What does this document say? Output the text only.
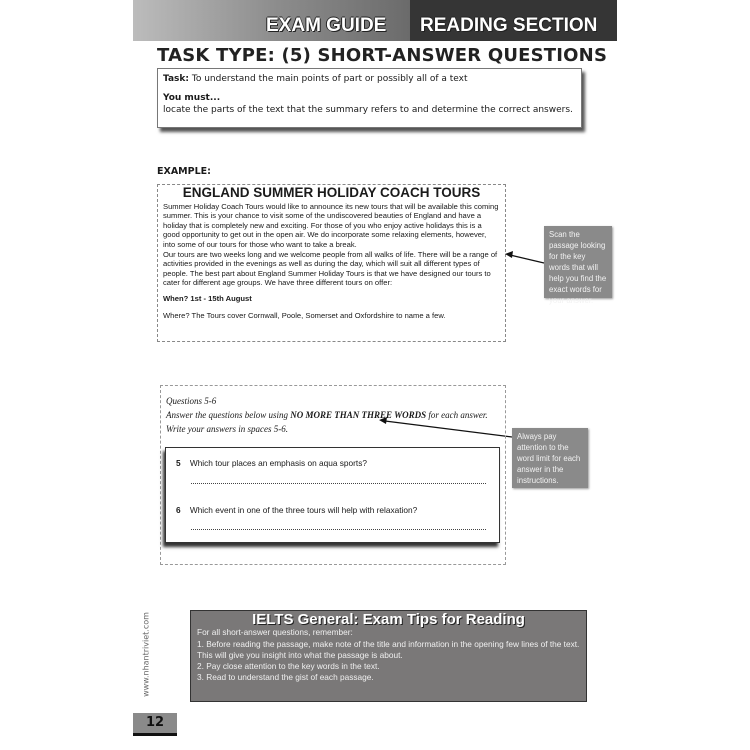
EXAM GUIDE READING SECTION
TASK TYPE: (5) SHORT-ANSWER QUESTIONS
Task: To understand the main points of part or possibly all of a text
You must...
locate the parts of the text that the summary refers to and determine the correct answers.
EXAMPLE:
ENGLAND SUMMER HOLIDAY COACH TOURS

Summer Holiday Coach Tours would like to announce its new tours that will be available this coming summer. This is your chance to visit some of the undiscovered beauties of England and have a holiday that is completely new and exciting. For those of you who enjoy active holidays this is a good opportunity to get out in the open air. We do incorporate some relaxing elements, however, into some of our tours for those who want to take a break.

Our tours are two weeks long and we welcome people from all walks of life. There will be a range of activities provided in the evenings as well as during the day, which will suit all different types of people. The best part about England Summer Holiday Tours is that we have designed our tours to cater for different age groups. We have three different tours on offer:

When? 1st - 15th August

Where? The Tours cover Cornwall, Poole, Somerset and Oxfordshire to name a few.

Scan the passage looking for the key words that will help you find the exact words for your answer.
Questions 5-6
Answer the questions below using NO MORE THAN THREE WORDS for each answer.
Write your answers in spaces 5-6.
Always pay attention to the word limit for each answer in the instructions.
5 Which tour places an emphasis on aqua sports?
6 Which event in one of the three tours will help with relaxation?
IELTS General: Exam Tips for Reading
For all short-answer questions, remember:
1. Before reading the passage, make note of the title and information in the opening few lines of the text. This will give you insight into what the passage is about.
2. Pay close attention to the key words in the text.
3. Read to understand the gist of each passage.
www.nhantriviet.com
12
